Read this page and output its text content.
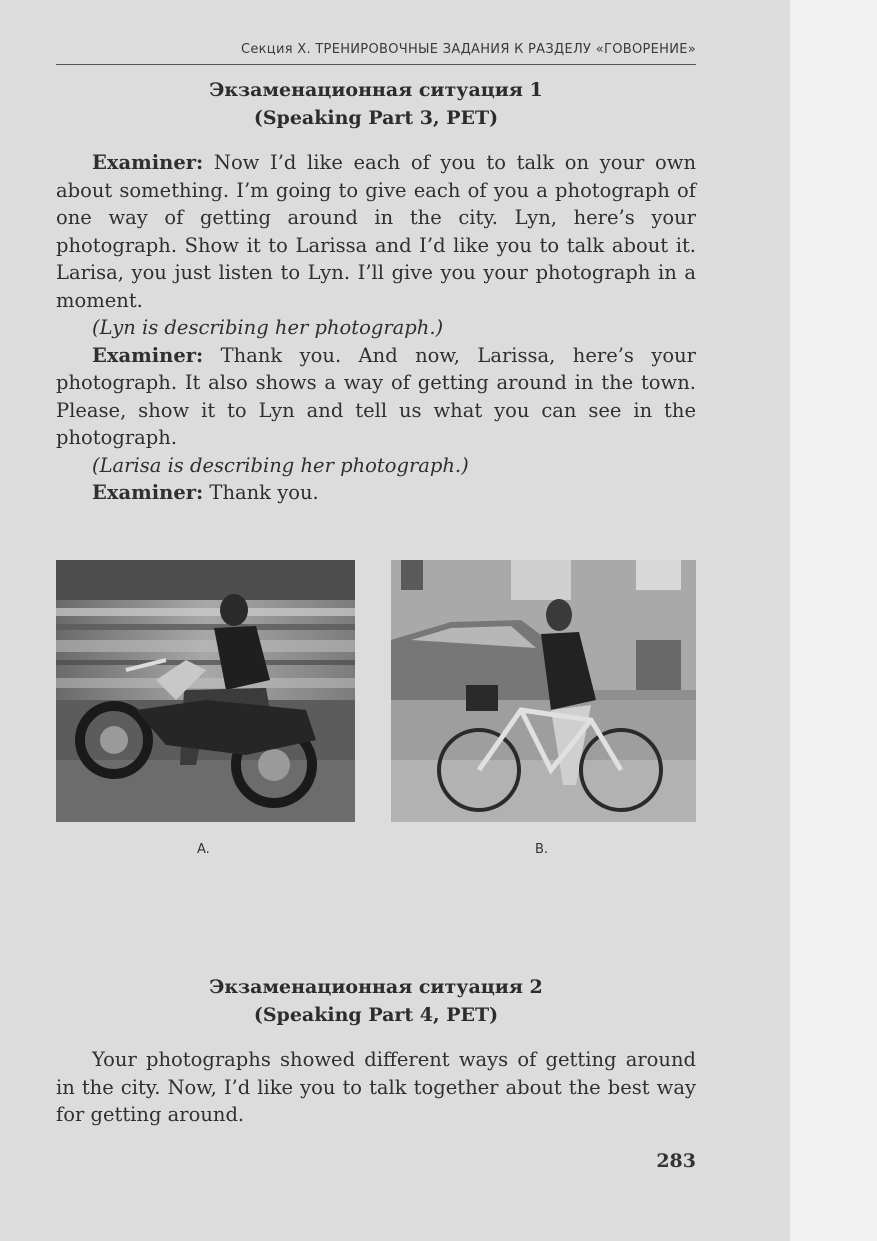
Секция X. ТРЕНИРОВОЧНЫЕ ЗАДАНИЯ К РАЗДЕЛУ «ГОВОРЕНИЕ»
Экзаменационная ситуация 1
(Speaking Part 3, PET)

Examiner: Now I’d like each of you to talk on your own about something. I’m going to give each of you a photograph of one way of getting around in the city. Lyn, here’s your photograph. Show it to Larissa and I’d like you to talk about it. Larisa, you just listen to Lyn. I’ll give you your photograph in a moment.

(Lyn is describing her photograph.)

Examiner: Thank you. And now, Larissa, here’s your photograph. It also shows a way of getting around in the town. Please, show it to Lyn and tell us what you can see in the photograph.

(Larisa is describing her photograph.)

Examiner: Thank you.

A.	B.
Экзаменационная ситуация 2
(Speaking Part 4, PET)

Your photographs showed different ways of getting around in the city. Now, I’d like you to talk together about the best way for getting around.

283
